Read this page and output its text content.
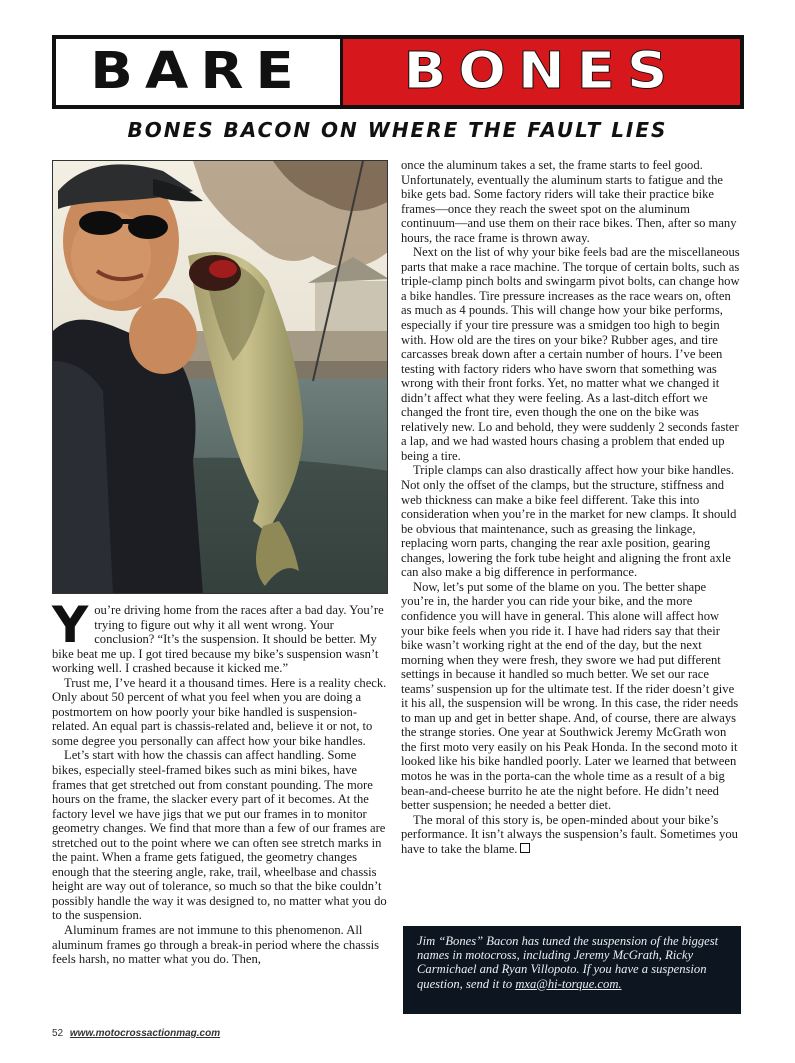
BARE BONES
BONES BACON ON WHERE THE FAULT LIES

You’re driving home from the races after a bad day. You’re trying to figure out why it all went wrong. Your conclusion? “It’s the suspension. It should be better. My bike beat me up. I got tired because my bike’s suspension wasn’t working well. I crashed because it kicked me.”

Trust me, I’ve heard it a thousand times. Here is a reality check. Only about 50 percent of what you feel when you are doing a postmortem on how poorly your bike handled is suspension-related. An equal part is chassis-related and, believe it or not, to some degree you personally can affect how your bike handles.

Let’s start with how the chassis can affect handling. Some bikes, especially steel-framed bikes such as mini bikes, have frames that get stretched out from constant pounding. The more hours on the frame, the slacker every part of it becomes. At the factory level we have jigs that we put our frames in to monitor geometry changes. We find that more than a few of our frames are stretched out to the point where we can often see stretch marks in the paint. When a frame gets fatigued, the geometry changes enough that the steering angle, rake, trail, wheelbase and chassis height are way out of tolerance, so much so that the bike couldn’t possibly handle the way it was designed to, no matter what you do to the suspension.

Aluminum frames are not immune to this phenomenon. All aluminum frames go through a break-in period where the chassis feels harsh, no matter what you do. Then,

once the aluminum takes a set, the frame starts to feel good. Unfortunately, eventually the aluminum starts to fatigue and the bike gets bad. Some factory riders will take their practice bike frames—once they reach the sweet spot on the aluminum continuum—and use them on their race bikes. Then, after so many hours, the race frame is thrown away.

Next on the list of why your bike feels bad are the miscellaneous parts that make a race machine. The torque of certain bolts, such as triple-clamp pinch bolts and swingarm pivot bolts, can change how a bike handles. Tire pressure increases as the race wears on, often as much as 4 pounds. This will change how your bike performs, especially if your tire pressure was a smidgen too high to begin with. How old are the tires on your bike? Rubber ages, and tire carcasses break down after a certain number of hours. I’ve been testing with factory riders who have sworn that something was wrong with their front forks. Yet, no matter what we changed it didn’t affect what they were feeling. As a last-ditch effort we changed the front tire, even though the one on the bike was relatively new. Lo and behold, they were suddenly 2 seconds faster a lap, and we had wasted hours chasing a problem that ended up being a tire.

Triple clamps can also drastically affect how your bike handles. Not only the offset of the clamps, but the structure, stiffness and web thickness can make a bike feel different. Take this into consideration when you’re in the market for new clamps. It should be obvious that maintenance, such as greasing the linkage, replacing worn parts, changing the rear axle position, gearing changes, lowering the fork tube height and aligning the front axle can also make a big difference in performance.

Now, let’s put some of the blame on you. The better shape you’re in, the harder you can ride your bike, and the more confidence you will have in general. This alone will affect how your bike feels when you ride it. I have had riders say that their bike wasn’t working right at the end of the day, but the next morning when they were fresh, they swore we had put different settings in because it handled so much better. We set our race teams’ suspension up for the ultimate test. If the rider doesn’t give it his all, the suspension will be wrong. In this case, the rider needs to man up and get in better shape. And, of course, there are always the strange stories. One year at Southwick Jeremy McGrath won the first moto very easily on his Peak Honda. In the second moto it looked like his bike handled poorly. Later we learned that between motos he was in the porta-can the whole time as a result of a big bean-and-cheese burrito he ate the night before. He didn’t need better suspension; he needed a better diet.

The moral of this story is, be open-minded about your bike’s performance. It isn’t always the suspension’s fault. Sometimes you have to take the blame.

Jim “Bones” Bacon has tuned the suspension of the biggest names in motocross, including Jeremy McGrath, Ricky Carmichael and Ryan Villopoto. If you have a suspension question, send it to mxa@hi-torque.com.
52 www.motocrossactionmag.com
